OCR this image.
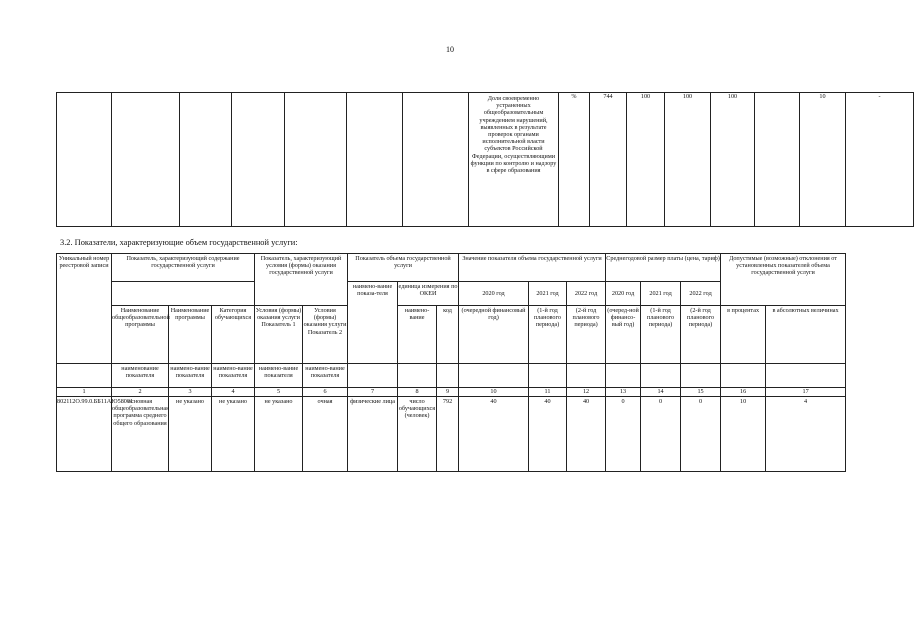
10
							Доля своевременно устраненных общеобразовательным учреждением нарушений, выявленных в результате проверок органами исполнительной власти субъектов Российской Федерации, осуществляющими функции по контролю и надзору в сфере образования	%	744	100	100	100		10	-
3.2. Показатели, характеризующие объем государственной услуги:
Уникальный номер реестровой записи	Показатель, характеризующий содержание государственной услуги			Показатель, характеризующий условия (формы) оказания государственной услуги		Показатель объема государственной услуги			Значение показателя объема государственной услуги			Среднегодовой размер платы (цена, тариф)			Допустимые (возможные) отклонения от установленных показателей объема государственной услуги	
						наимено-вание показа-теля	единица измерения по ОКЕИ		2020 год	2021 год	2022 год	2020 год	2021 год	2022 год		
	Наименование общеобразовательной программы	Наименование программы	Категория обучающихся	Условия (формы) оказания услуги Показатель 1	Условия (формы) оказания услуги Показатель 2		наимено-вание	код	(очередной финансовый год)	(1-й год планового периода)	(2-й год планового периода)	(очеред-ной финансо-вый год)	(1-й год планового периода)	(2-й год планового периода)	в процентах	в абсолютных величинах
	наименование показателя	наимено-вание показателя	наимено-вание показателя	наимено-вание показателя	наимено-вание показателя											
1	2	3	4	5	6	7	8	9	10	11	12	13	14	15	16	17
802112О.99.0.ББ11АЮ58001	основная общеобразовательная программа среднего общего образования	не указано	не указано	не указано	очная	физические лица	число обучающихся (человек)	792	40	40	40	0	0	0	10	4
